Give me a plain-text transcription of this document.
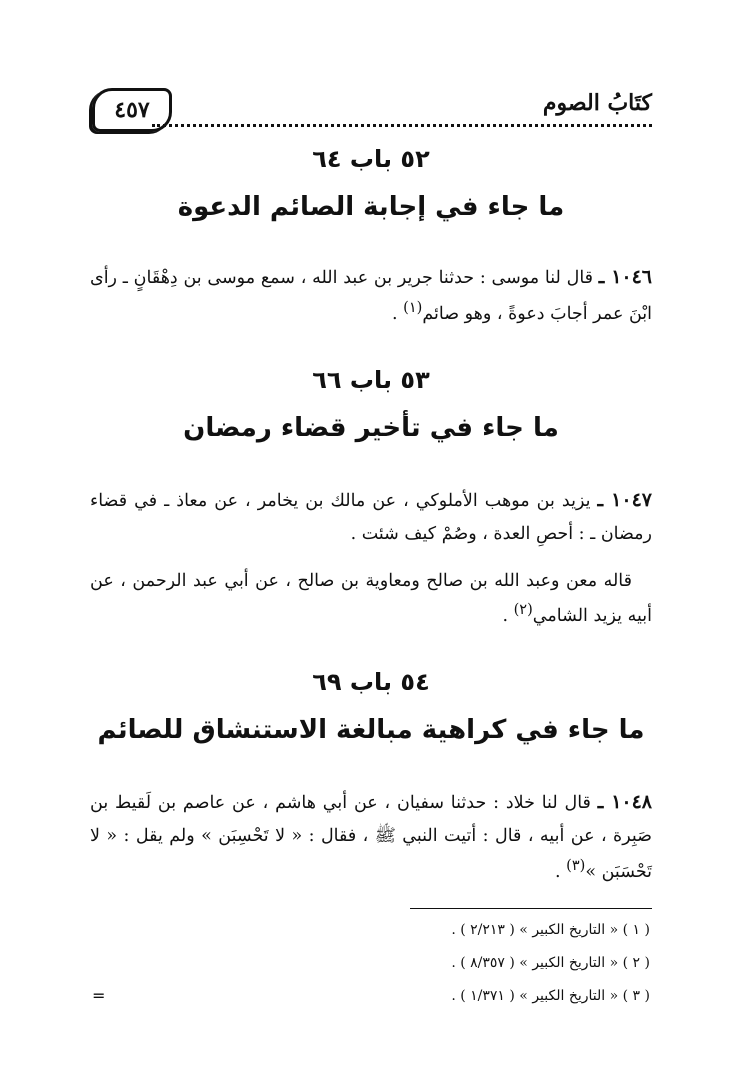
كتَابُ الصوم
٤٥٧
٥٢ باب ٦٤
ما جاء في إجابة الصائم الدعوة
١٠٤٦ ـ قال لنا موسى : حدثنا جرير بن عبد الله ، سمع موسى بن دِهْقَانٍ ـ رأى ابْنَ عمر أجابَ دعوةً ، وهو صائم$^{(١)}$ .
٥٣ باب ٦٦
ما جاء في تأخير قضاء رمضان
١٠٤٧ ـ يزيد بن موهب الأملوكي ، عن مالك بن يخامر ، عن معاذ ـ في قضاء رمضان ـ : أحصِ العدة ، وصُمْ كيف شئت .
قاله معن وعبد الله بن صالح ومعاوية بن صالح ، عن أبي عبد الرحمن ، عن أبيه يزيد الشامي$^{(٢)}$ .
٥٤ باب ٦٩
ما جاء في كراهية مبالغة الاستنشاق للصائم
١٠٤٨ ـ قال لنا خلاد : حدثنا سفيان ، عن أبي هاشم ، عن عاصم بن لَقيط بن صَبِرة ، عن أبيه ، قال : أتيت النبي ﷺ ، فقال : « لا تَحْسِبَن » ولم يقل : « لا تَحْسَبَن »$^{(٣)}$ .
( ١ ) « التاريخ الكبير » ( ٢/٢١٣ ) .
( ٢ ) « التاريخ الكبير » ( ٨/٣٥٧ ) .
( ٣ ) « التاريخ الكبير » ( ١/٣٧١ ) .
=
